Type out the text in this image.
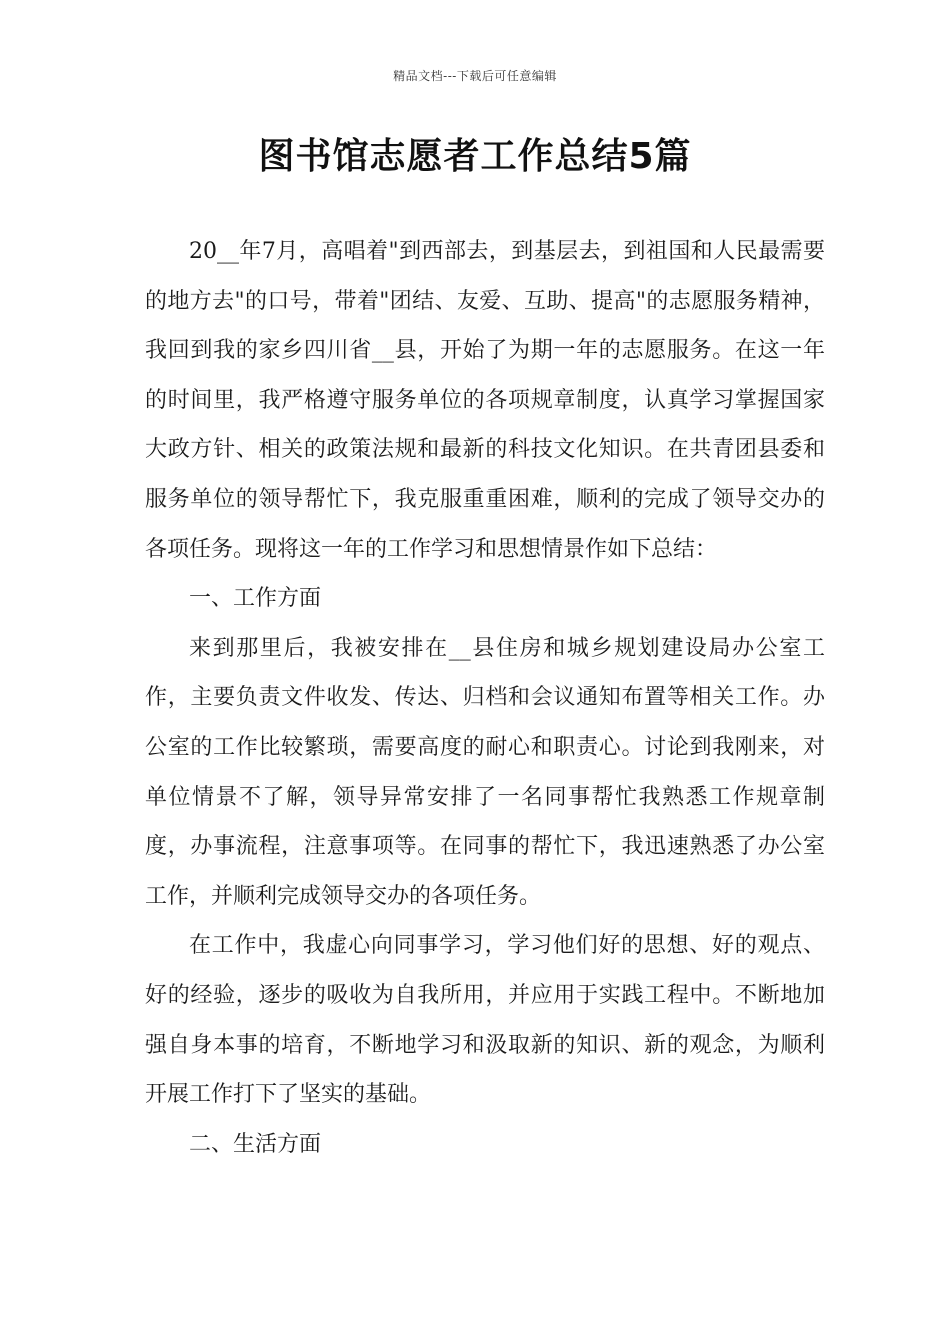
精品文档---下载后可任意编辑
图书馆志愿者工作总结5篇

20__年7月，高唱着"到西部去，到基层去，到祖国和人民最需要的地方去"的口号，带着"团结、友爱、互助、提高"的志愿服务精神，我回到我的家乡四川省__县，开始了为期一年的志愿服务。在这一年的时间里，我严格遵守服务单位的各项规章制度，认真学习掌握国家大政方针、相关的政策法规和最新的科技文化知识。在共青团县委和服务单位的领导帮忙下，我克服重重困难，顺利的完成了领导交办的各项任务。现将这一年的工作学习和思想情景作如下总结：

一、工作方面

来到那里后，我被安排在__县住房和城乡规划建设局办公室工作，主要负责文件收发、传达、归档和会议通知布置等相关工作。办公室的工作比较繁琐，需要高度的耐心和职责心。讨论到我刚来，对单位情景不了解，领导异常安排了一名同事帮忙我熟悉工作规章制度，办事流程，注意事项等。在同事的帮忙下，我迅速熟悉了办公室工作，并顺利完成领导交办的各项任务。

在工作中，我虚心向同事学习，学习他们好的思想、好的观点、好的经验，逐步的吸收为自我所用，并应用于实践工程中。不断地加强自身本事的培育，不断地学习和汲取新的知识、新的观念，为顺利开展工作打下了坚实的基础。

二、生活方面
